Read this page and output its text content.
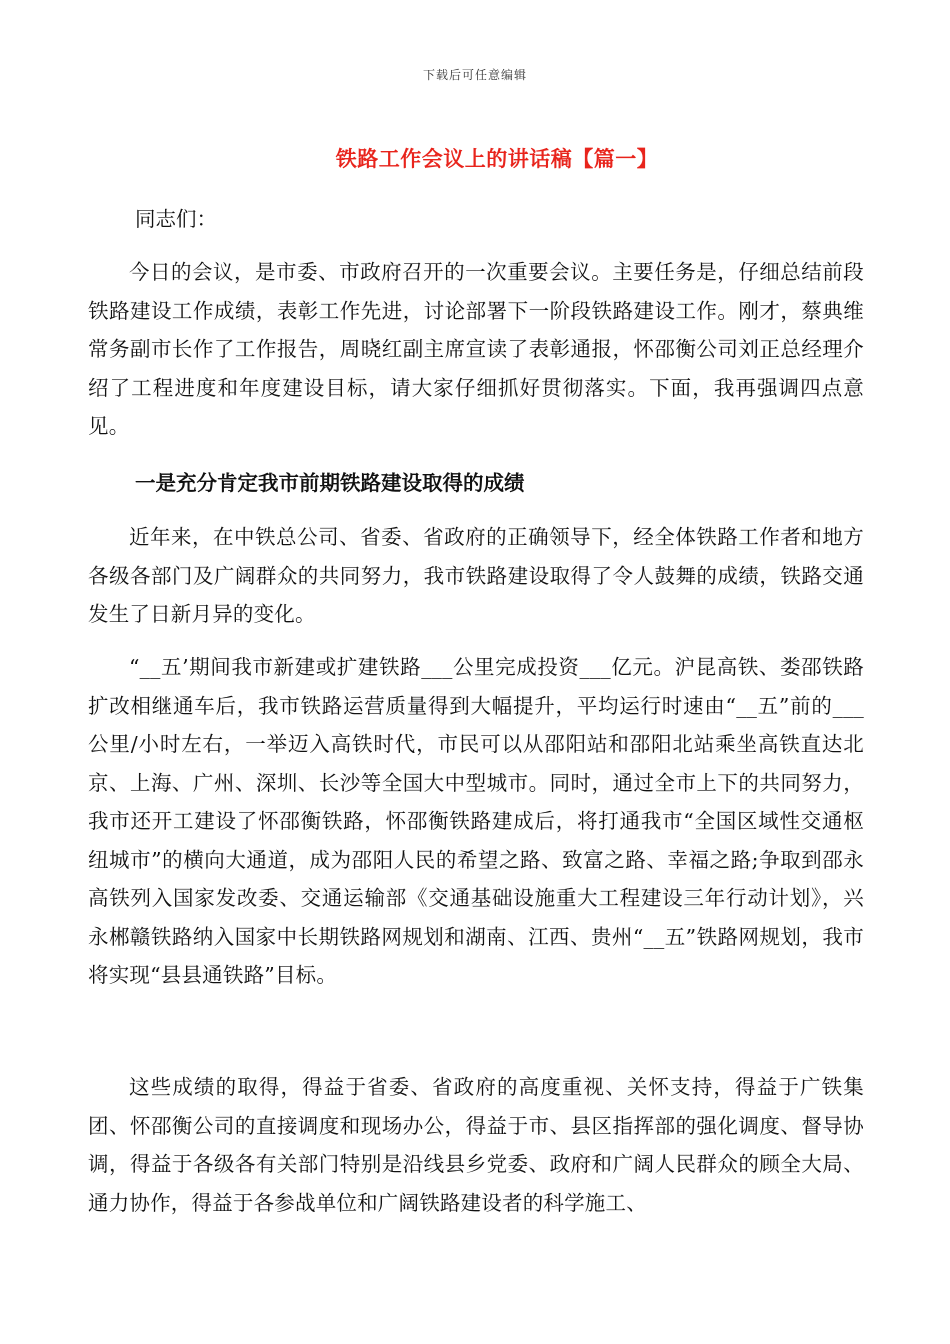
下载后可任意编辑
铁路工作会议上的讲话稿【篇一】
同志们：

今日的会议，是市委、市政府召开的一次重要会议。主要任务是，仔细总结前段铁路建设工作成绩，表彰工作先进，讨论部署下一阶段铁路建设工作。刚才，蔡典维常务副市长作了工作报告，周晓红副主席宣读了表彰通报，怀邵衡公司刘正总经理介绍了工程进度和年度建设目标，请大家仔细抓好贯彻落实。下面，我再强调四点意见。

一是充分肯定我市前期铁路建设取得的成绩

近年来，在中铁总公司、省委、省政府的正确领导下，经全体铁路工作者和地方各级各部门及广阔群众的共同努力，我市铁路建设取得了令人鼓舞的成绩，铁路交通发生了日新月异的变化。

“__五’期间我市新建或扩建铁路___公里完成投资___亿元。沪昆高铁、娄邵铁路扩改相继通车后，我市铁路运营质量得到大幅提升，平均运行时速由“__五”前的___公里/小时左右，一举迈入高铁时代，市民可以从邵阳站和邵阳北站乘坐高铁直达北京、上海、广州、深圳、长沙等全国大中型城市。同时，通过全市上下的共同努力，我市还开工建设了怀邵衡铁路，怀邵衡铁路建成后，将打通我市“全国区域性交通枢纽城市”的横向大通道，成为邵阳人民的希望之路、致富之路、幸福之路;争取到邵永高铁列入国家发改委、交通运输部《交通基础设施重大工程建设三年行动计划》，兴永郴赣铁路纳入国家中长期铁路网规划和湖南、江西、贵州“__五”铁路网规划，我市将实现“县县通铁路”目标。

这些成绩的取得，得益于省委、省政府的高度重视、关怀支持，得益于广铁集团、怀邵衡公司的直接调度和现场办公，得益于市、县区指挥部的强化调度、督导协调，得益于各级各有关部门特别是沿线县乡党委、政府和广阔人民群众的顾全大局、通力协作，得益于各参战单位和广阔铁路建设者的科学施工、
